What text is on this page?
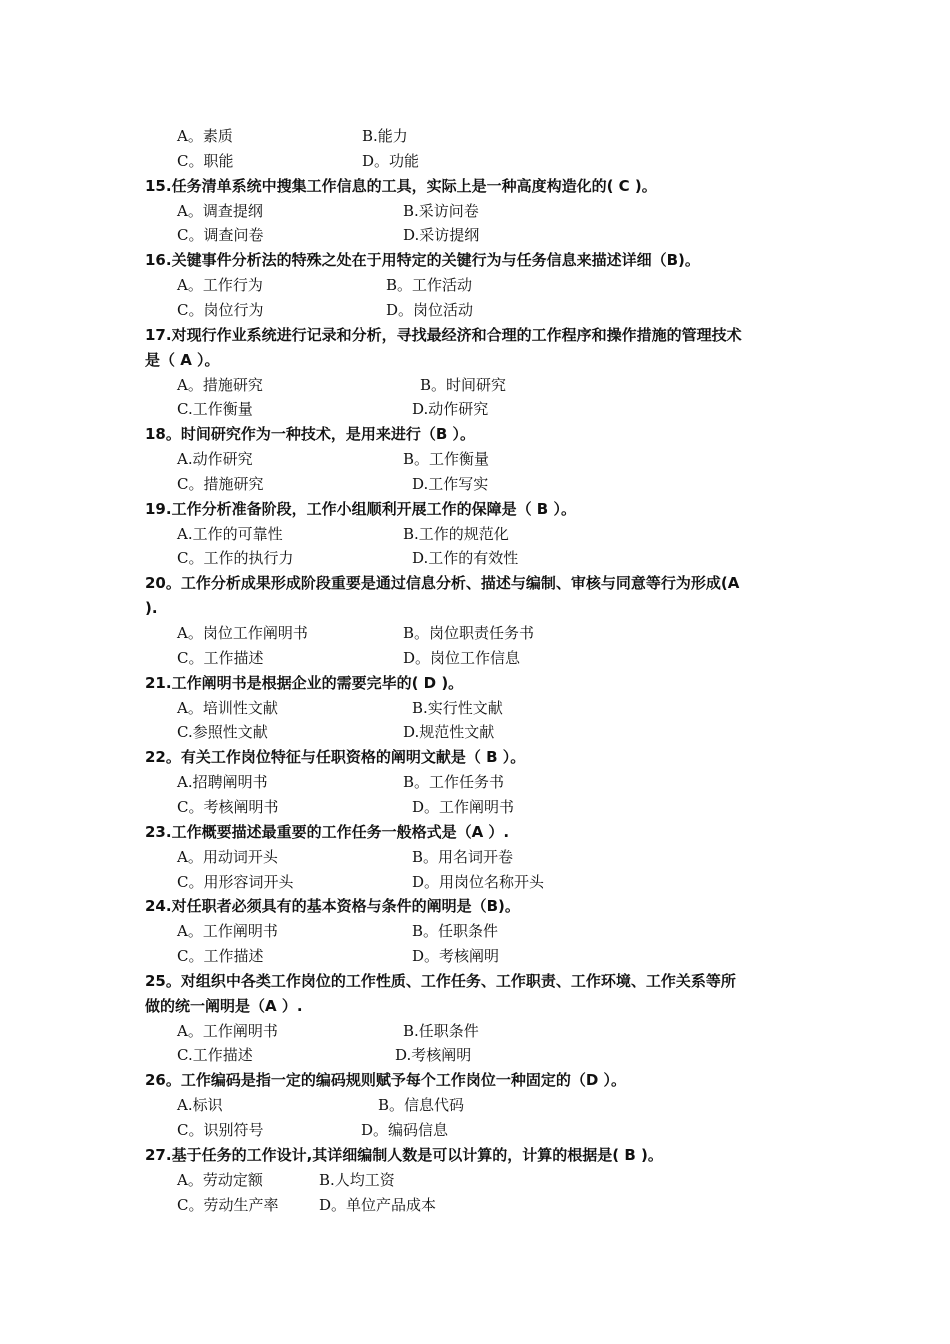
A。素质	B.能力
C。职能	D。功能
15.任务清单系统中搜集工作信息的工具，实际上是一种高度构造化的( C )。
A。调查提纲	B.采访问卷
C。调查问卷	D.采访提纲
16.关键事件分析法的特殊之处在于用特定的关键行为与任务信息来描述详细（B)。
A。工作行为	B。工作活动
C。岗位行为	D。岗位活动
17.对现行作业系统进行记录和分析，寻找最经济和合理的工作程序和操作措施的管理技术
是（ A ）。
A。措施研究	B。时间研究
C.工作衡量	D.动作研究
18。时间研究作为一种技术，是用来进行（B ）。
A.动作研究	B。工作衡量
C。措施研究	D.工作写实
19.工作分析准备阶段，工作小组顺利开展工作的保障是（ B ）。
A.工作的可靠性	B.工作的规范化
C。工作的执行力	D.工作的有效性
20。工作分析成果形成阶段重要是通过信息分析、描述与编制、审核与同意等行为形成(A
).
A。岗位工作阐明书	B。岗位职责任务书
C。工作描述	D。岗位工作信息
21.工作阐明书是根据企业的需要完毕的( D )。
A。培训性文献	B.实行性文献
C.参照性文献	D.规范性文献
22。有关工作岗位特征与任职资格的阐明文献是（ B ）。
A.招聘阐明书	B。工作任务书
C。考核阐明书	D。工作阐明书
23.工作概要描述最重要的工作任务一般格式是（A ）.
A。用动词开头	B。用名词开卷
C。用形容词开头	D。用岗位名称开头
24.对任职者必须具有的基本资格与条件的阐明是（B)。
A。工作阐明书	B。任职条件
C。工作描述	D。考核阐明
25。对组织中各类工作岗位的工作性质、工作任务、工作职责、工作环境、工作关系等所
做的统一阐明是（A ）.
A。工作阐明书	B.任职条件
C.工作描述	D.考核阐明
26。工作编码是指一定的编码规则赋予每个工作岗位一种固定的（D ）。
A.标识	B。信息代码
C。识别符号	D。编码信息
27.基于任务的工作设计,其详细编制人数是可以计算的，计算的根据是( B )。
A。劳动定额	B.人均工资
C。劳动生产率	D。单位产品成本
